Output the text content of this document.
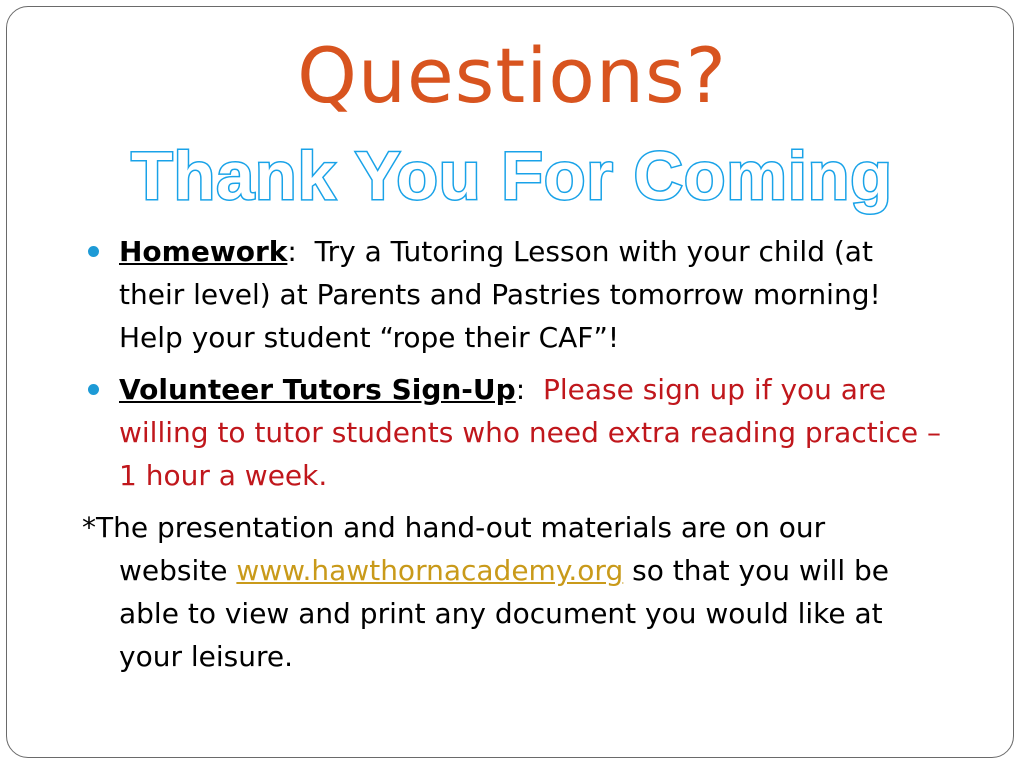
Questions?
Thank You For Coming
Homework:  Try a Tutoring Lesson with your child (at their level) at Parents and Pastries tomorrow morning! Help your student “rope their CAF”!
Volunteer Tutors Sign-Up:  Please sign up if you are willing to tutor students who need extra reading practice – 1 hour a week.

*The presentation and hand-out materials are on our website www.hawthornacademy.org so that you will be able to view and print any document you would like at your leisure.
